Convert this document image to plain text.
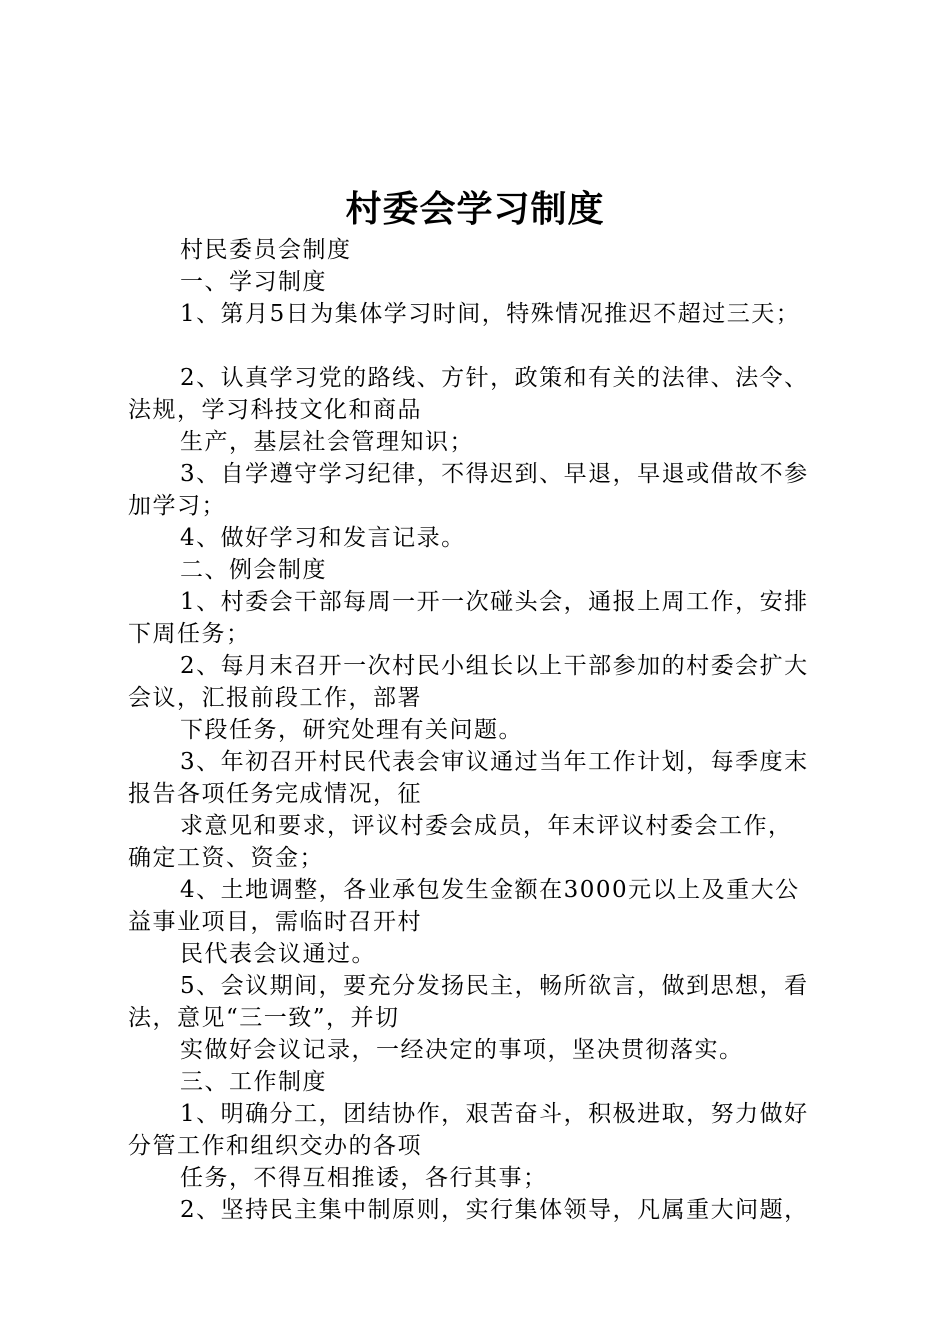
村委会学习制度
村民委员会制度
一、学习制度
1、第月5日为集体学习时间，特殊情况推迟不超过三天；
2、认真学习党的路线、方针，政策和有关的法律、法令、
法规，学习科技文化和商品
生产，基层社会管理知识；
3、自学遵守学习纪律，不得迟到、早退，早退或借故不参
加学习；
4、做好学习和发言记录。
二、例会制度
1、村委会干部每周一开一次碰头会，通报上周工作，安排
下周任务；
2、每月末召开一次村民小组长以上干部参加的村委会扩大
会议，汇报前段工作，部署
下段任务，研究处理有关问题。
3、年初召开村民代表会审议通过当年工作计划，每季度末
报告各项任务完成情况，征
求意见和要求，评议村委会成员，年末评议村委会工作，
确定工资、资金；
4、土地调整，各业承包发生金额在3000元以上及重大公
益事业项目，需临时召开村
民代表会议通过。
5、会议期间，要充分发扬民主，畅所欲言，做到思想，看
法，意见“三一致”，并切
实做好会议记录，一经决定的事项，坚决贯彻落实。
三、工作制度
1、明确分工，团结协作，艰苦奋斗，积极进取，努力做好
分管工作和组织交办的各项
任务，不得互相推诿，各行其事；
2、坚持民主集中制原则，实行集体领导，凡属重大问题，
